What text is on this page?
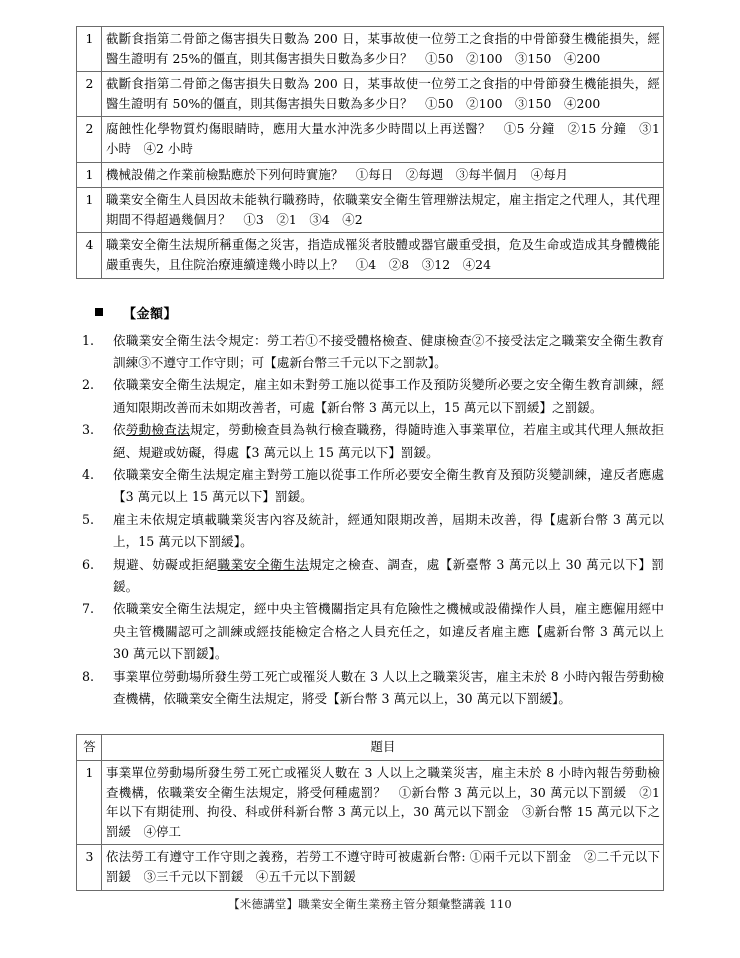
1	截斷食指第二骨節之傷害損失日數為 200 日，某事故使一位勞工之食指的中骨節發生機能損失，經醫生證明有 25%的僵直，則其傷害損失日數為多少日？　①50　②100　③150　④200
2	截斷食指第二骨節之傷害損失日數為 200 日，某事故使一位勞工之食指的中骨節發生機能損失，經醫生證明有 50%的僵直，則其傷害損失日數為多少日？　①50　②100　③150　④200
2	腐蝕性化學物質灼傷眼睛時，應用大量水沖洗多少時間以上再送醫？　①5 分鐘　②15 分鐘　③1 小時　④2 小時
1	機械設備之作業前檢點應於下列何時實施？　①每日　②每週　③每半個月　④每月
1	職業安全衛生人員因故未能執行職務時，依職業安全衛生管理辦法規定，雇主指定之代理人，其代理期間不得超過幾個月？　①3　②1　③4　④2
4	職業安全衛生法規所稱重傷之災害，指造成罹災者肢體或器官嚴重受損，危及生命或造成其身體機能嚴重喪失，且住院治療連續達幾小時以上？　①4　②8　③12　④24
【金額】
1.	依職業安全衛生法令規定：勞工若①不接受體格檢查、健康檢查②不接受法定之職業安全衛生教育訓練③不遵守工作守則；可【處新台幣三千元以下之罰款】。
2.	依職業安全衛生法規定，雇主如未對勞工施以從事工作及預防災變所必要之安全衛生教育訓練，經通知限期改善而未如期改善者，可處【新台幣 3 萬元以上，15 萬元以下罰緩】之罰鍰。
3.	依勞動檢查法規定，勞動檢查員為執行檢查職務，得隨時進入事業單位，若雇主或其代理人無故拒絕、規避或妨礙，得處【3 萬元以上 15 萬元以下】罰鍰。
4.	依職業安全衛生法規定雇主對勞工施以從事工作所必要安全衛生教育及預防災變訓練，違反者應處【3 萬元以上 15 萬元以下】罰鍰。
5.	雇主未依規定填載職業災害內容及統計，經通知限期改善，屆期未改善，得【處新台幣 3 萬元以上，15 萬元以下罰緩】。
6.	規避、妨礙或拒絕職業安全衛生法規定之檢查、調查，處【新臺幣 3 萬元以上 30 萬元以下】罰鍰。
7.	依職業安全衛生法規定，經中央主管機關指定具有危險性之機械或設備操作人員，雇主應僱用經中央主管機關認可之訓練或經技能檢定合格之人員充任之，如違反者雇主應【處新台幣 3 萬元以上 30 萬元以下罰鍰】。
8.	事業單位勞動場所發生勞工死亡或罹災人數在 3 人以上之職業災害，雇主未於 8 小時內報告勞動檢查機構，依職業安全衛生法規定，將受【新台幣 3 萬元以上，30 萬元以下罰緩】。
答	題目
1	事業單位勞動場所發生勞工死亡或罹災人數在 3 人以上之職業災害，雇主未於 8 小時內報告勞動檢查機構，依職業安全衛生法規定，將受何種處罰？　①新台幣 3 萬元以上，30 萬元以下罰緩　②1 年以下有期徒刑、拘役、科或併科新台幣 3 萬元以上，30 萬元以下罰金　③新台幣 15 萬元以下之罰緩　④停工
3	依法勞工有遵守工作守則之義務，若勞工不遵守時可被處新台幣: ①兩千元以下罰金　②二千元以下罰鍰　③三千元以下罰鍰　④五千元以下罰鍰
【米德講堂】職業安全衛生業務主管分類彙整講義 110
